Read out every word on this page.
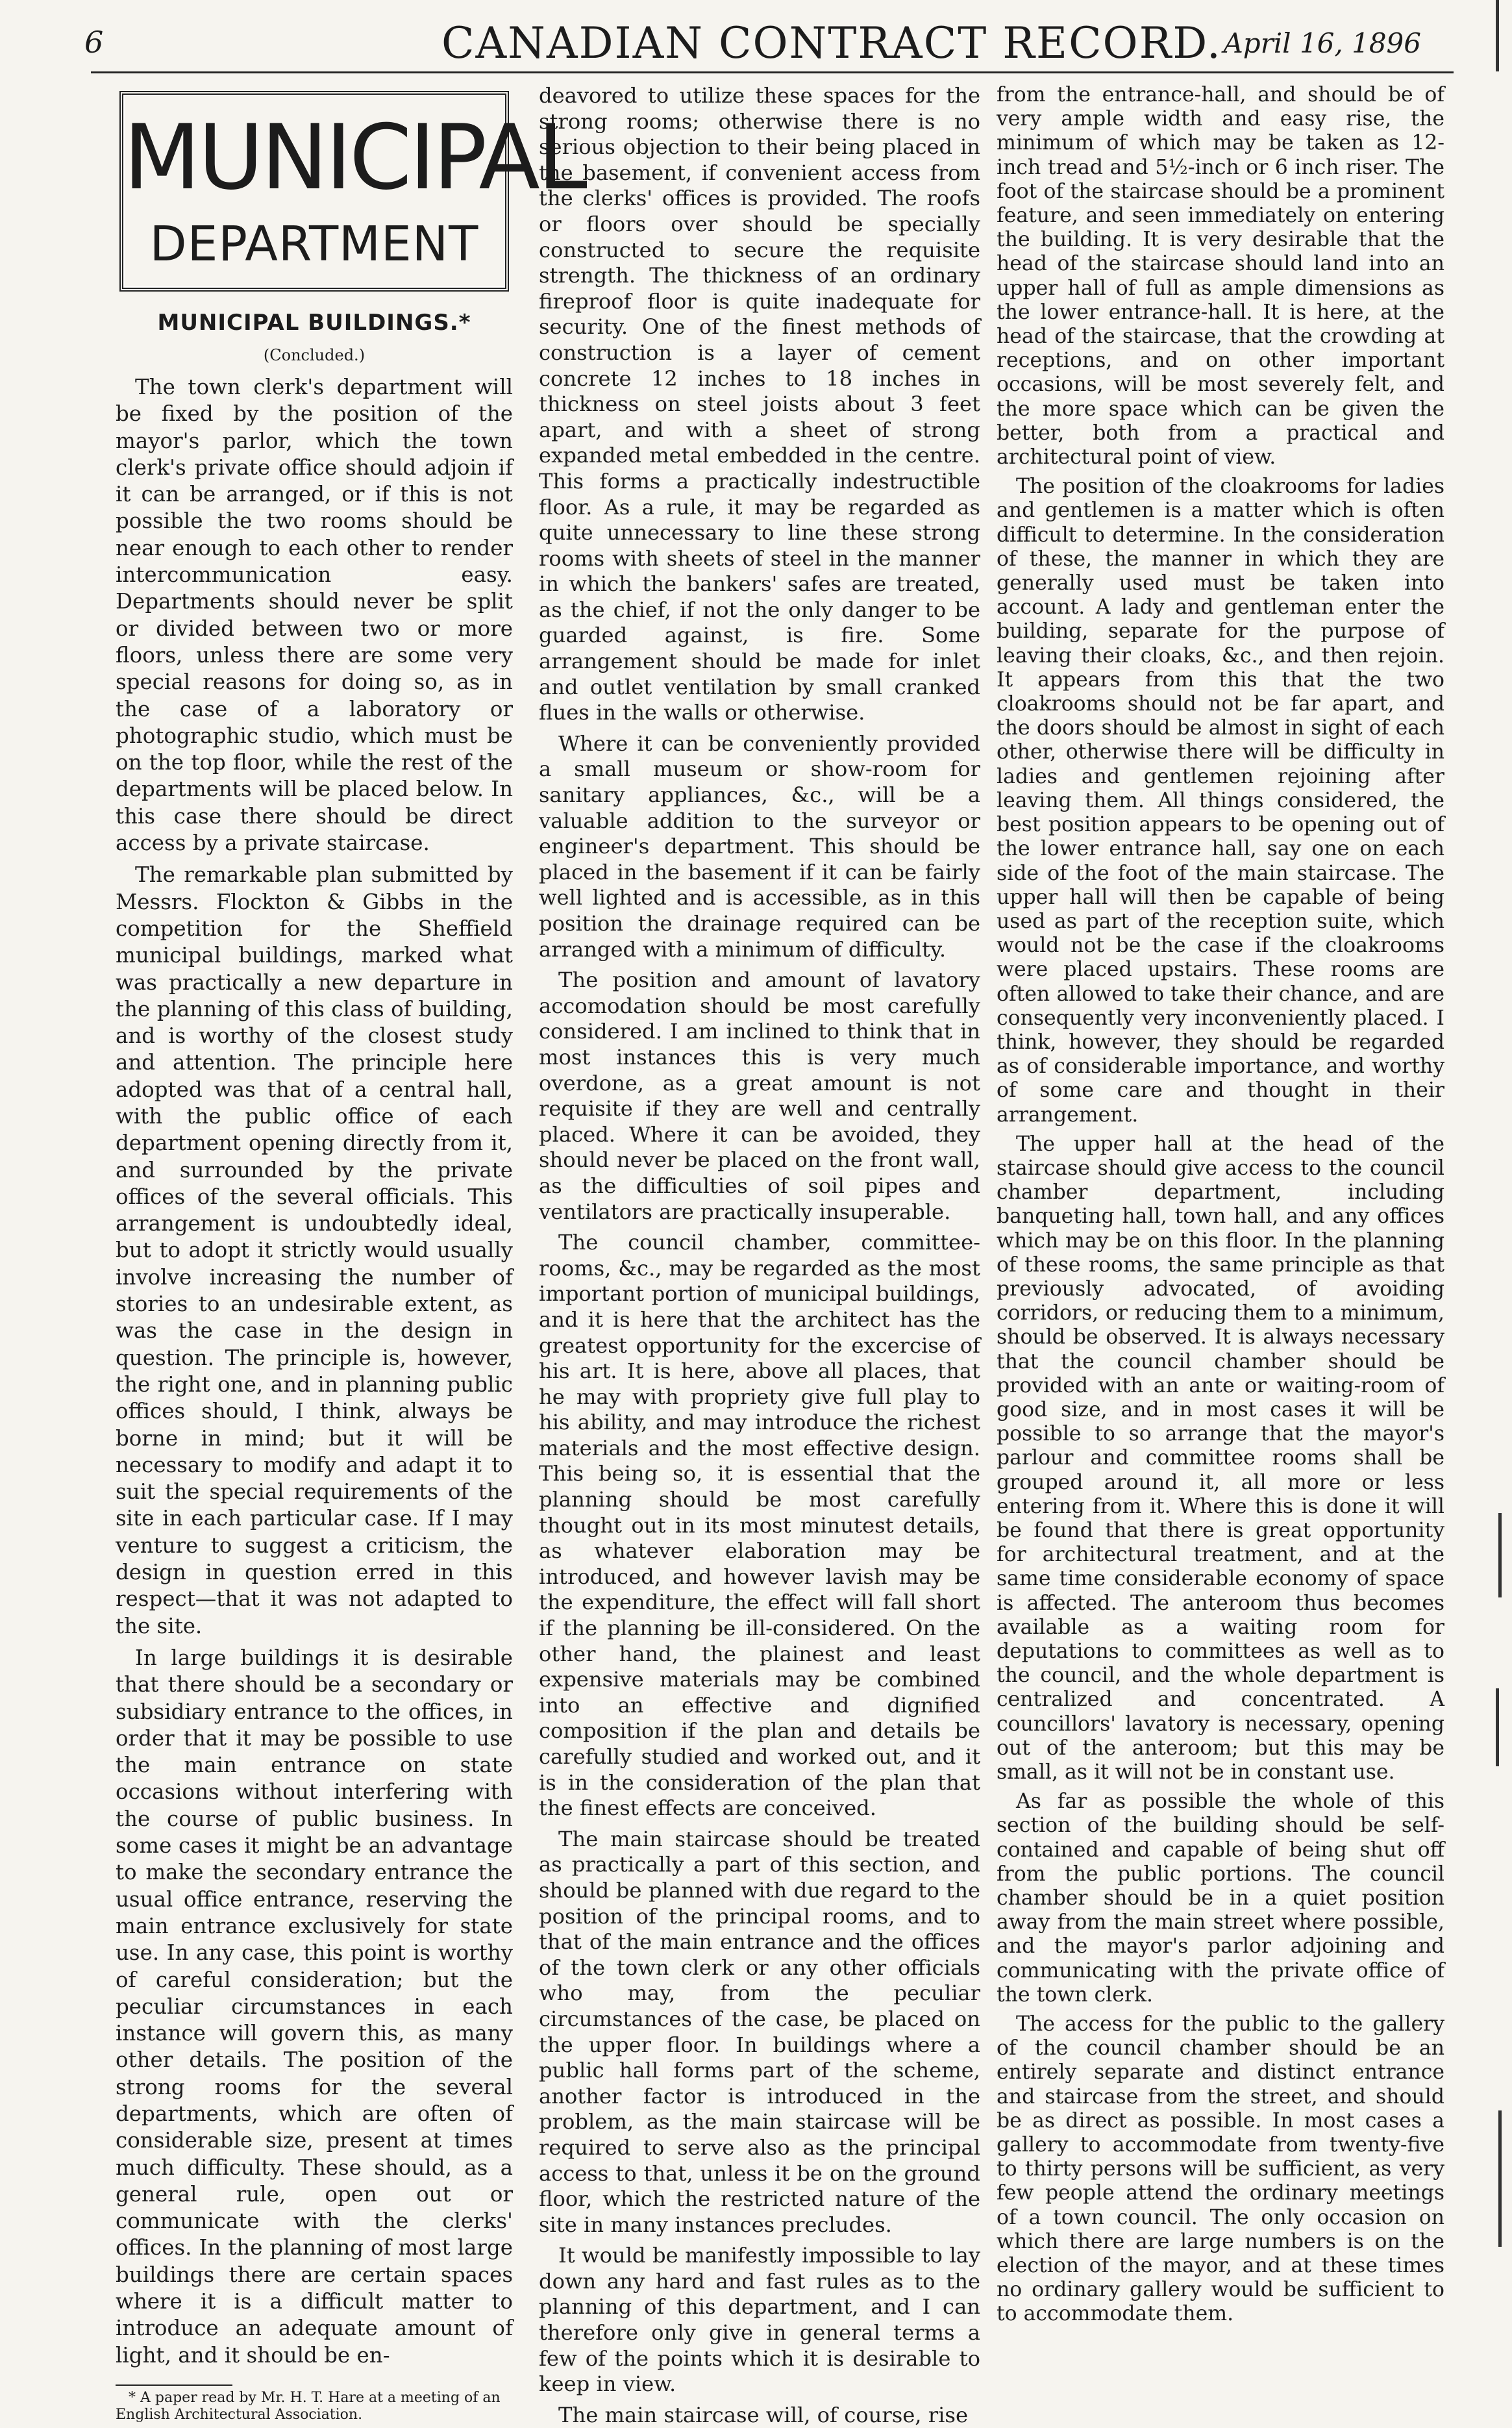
6	CANADIAN CONTRACT RECORD. April 16, 1896
MUNICIPAL
DEPARTMENT
MUNICIPAL BUILDINGS.*
(Concluded.)

The town clerk's department will be fixed by the position of the mayor's parlor, which the town clerk's private office should adjoin if it can be arranged, or if this is not possible the two rooms should be near enough to each other to render intercommunication easy. Departments should never be split or divided between two or more floors, unless there are some very special reasons for doing so, as in the case of a laboratory or photographic studio, which must be on the top floor, while the rest of the departments will be placed below. In this case there should be direct access by a private staircase.

The remarkable plan submitted by Messrs. Flockton & Gibbs in the competition for the Sheffield municipal buildings, marked what was practically a new departure in the planning of this class of building, and is worthy of the closest study and attention. The principle here adopted was that of a central hall, with the public office of each department opening directly from it, and surrounded by the private offices of the several officials. This arrangement is undoubtedly ideal, but to adopt it strictly would usually involve increasing the number of stories to an undesirable extent, as was the case in the design in question. The principle is, however, the right one, and in planning public offices should, I think, always be borne in mind; but it will be necessary to modify and adapt it to suit the special requirements of the site in each particular case. If I may venture to suggest a criticism, the design in question erred in this respect—that it was not adapted to the site.

In large buildings it is desirable that there should be a secondary or subsidiary entrance to the offices, in order that it may be possible to use the main entrance on state occasions without interfering with the course of public business. In some cases it might be an advantage to make the secondary entrance the usual office entrance, reserving the main entrance exclusively for state use. In any case, this point is worthy of careful consideration; but the peculiar circumstances in each instance will govern this, as many other details. The position of the strong rooms for the several departments, which are often of considerable size, present at times much difficulty. These should, as a general rule, open out or communicate with the clerks' offices. In the planning of most large buildings there are certain spaces where it is a difficult matter to introduce an adequate amount of light, and it should be en-

* A paper read by Mr. H. T. Hare at a meeting of an English Architectural Association.

deavored to utilize these spaces for the strong rooms; otherwise there is no serious objection to their being placed in the basement, if convenient access from the clerks' offices is provided. The roofs or floors over should be specially constructed to secure the requisite strength. The thickness of an ordinary fireproof floor is quite inadequate for security. One of the finest methods of construction is a layer of cement concrete 12 inches to 18 inches in thickness on steel joists about 3 feet apart, and with a sheet of strong expanded metal embedded in the centre. This forms a practically indestructible floor. As a rule, it may be regarded as quite unnecessary to line these strong rooms with sheets of steel in the manner in which the bankers' safes are treated, as the chief, if not the only danger to be guarded against, is fire. Some arrangement should be made for inlet and outlet ventilation by small cranked flues in the walls or otherwise.

Where it can be conveniently provided a small museum or show-room for sanitary appliances, &c., will be a valuable addition to the surveyor or engineer's department. This should be placed in the basement if it can be fairly well lighted and is accessible, as in this position the drainage required can be arranged with a minimum of difficulty.

The position and amount of lavatory accomodation should be most carefully considered. I am inclined to think that in most instances this is very much overdone, as a great amount is not requisite if they are well and centrally placed. Where it can be avoided, they should never be placed on the front wall, as the difficulties of soil pipes and ventilators are practically insuperable.

The council chamber, committee-rooms, &c., may be regarded as the most important portion of municipal buildings, and it is here that the architect has the greatest opportunity for the excercise of his art. It is here, above all places, that he may with propriety give full play to his ability, and may introduce the richest materials and the most effective design. This being so, it is essential that the planning should be most carefully thought out in its most minutest details, as whatever elaboration may be introduced, and however lavish may be the expenditure, the effect will fall short if the planning be ill-considered. On the other hand, the plainest and least expensive materials may be combined into an effective and dignified composition if the plan and details be carefully studied and worked out, and it is in the consideration of the plan that the finest effects are conceived.

The main staircase should be treated as practically a part of this section, and should be planned with due regard to the position of the principal rooms, and to that of the main entrance and the offices of the town clerk or any other officials who may, from the peculiar circumstances of the case, be placed on the upper floor. In buildings where a public hall forms part of the scheme, another factor is introduced in the problem, as the main staircase will be required to serve also as the principal access to that, unless it be on the ground floor, which the restricted nature of the site in many instances precludes.

It would be manifestly impossible to lay down any hard and fast rules as to the planning of this department, and I can therefore only give in general terms a few of the points which it is desirable to keep in view.

The main staircase will, of course, rise

from the entrance-hall, and should be of very ample width and easy rise, the minimum of which may be taken as 12-inch tread and 5½-inch or 6 inch riser. The foot of the staircase should be a prominent feature, and seen immediately on entering the building. It is very desirable that the head of the staircase should land into an upper hall of full as ample dimensions as the lower entrance-hall. It is here, at the head of the staircase, that the crowding at receptions, and on other important occasions, will be most severely felt, and the more space which can be given the better, both from a practical and architectural point of view.

The position of the cloakrooms for ladies and gentlemen is a matter which is often difficult to determine. In the consideration of these, the manner in which they are generally used must be taken into account. A lady and gentleman enter the building, separate for the purpose of leaving their cloaks, &c., and then rejoin. It appears from this that the two cloakrooms should not be far apart, and the doors should be almost in sight of each other, otherwise there will be difficulty in ladies and gentlemen rejoining after leaving them. All things considered, the best position appears to be opening out of the lower entrance hall, say one on each side of the foot of the main staircase. The upper hall will then be capable of being used as part of the reception suite, which would not be the case if the cloakrooms were placed upstairs. These rooms are often allowed to take their chance, and are consequently very inconveniently placed. I think, however, they should be regarded as of considerable importance, and worthy of some care and thought in their arrangement.

The upper hall at the head of the staircase should give access to the council chamber department, including banqueting hall, town hall, and any offices which may be on this floor. In the planning of these rooms, the same principle as that previously advocated, of avoiding corridors, or reducing them to a minimum, should be observed. It is always necessary that the council chamber should be provided with an ante or waiting-room of good size, and in most cases it will be possible to so arrange that the mayor's parlour and committee rooms shall be grouped around it, all more or less entering from it. Where this is done it will be found that there is great opportunity for architectural treatment, and at the same time considerable economy of space is affected. The anteroom thus becomes available as a waiting room for deputations to committees as well as to the council, and the whole department is centralized and concentrated. A councillors' lavatory is necessary, opening out of the anteroom; but this may be small, as it will not be in constant use.

As far as possible the whole of this section of the building should be self-contained and capable of being shut off from the public portions. The council chamber should be in a quiet position away from the main street where possible, and the mayor's parlor adjoining and communicating with the private office of the town clerk.

The access for the public to the gallery of the council chamber should be an entirely separate and distinct entrance and staircase from the street, and should be as direct as possible. In most cases a gallery to accommodate from twenty-five to thirty persons will be sufficient, as very few people attend the ordinary meetings of a town council. The only occasion on which there are large numbers is on the election of the mayor, and at these times no ordinary gallery would be sufficient to to accommodate them.
